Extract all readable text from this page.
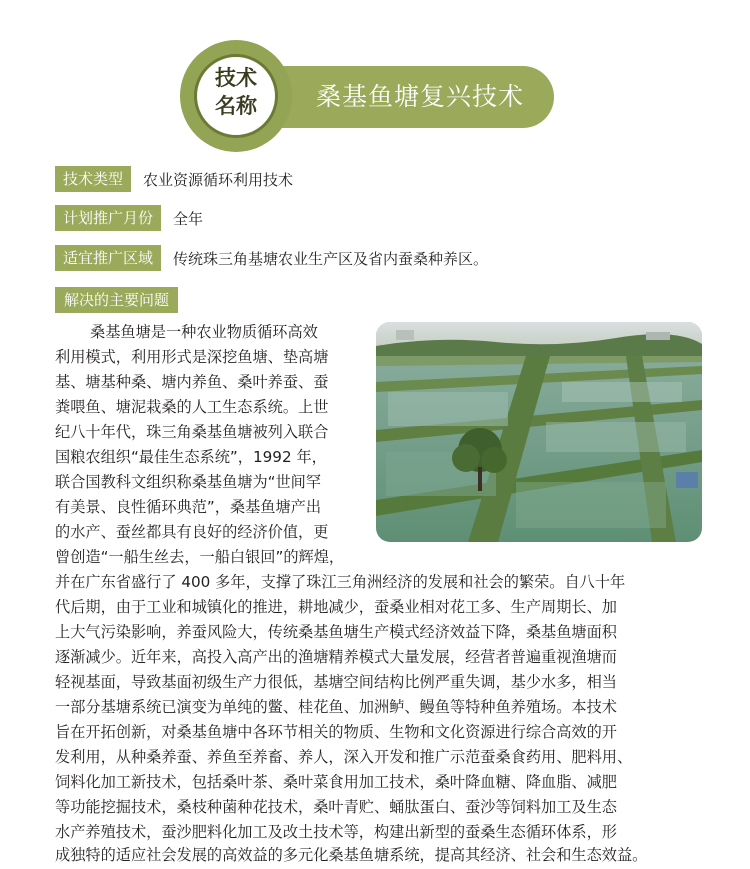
桑基鱼塘复兴技术
技术
名称
技术类型	农业资源循环利用技术
计划推广月份	全年
适宜推广区域	传统珠三角基塘农业生产区及省内蚕桑种养区。
解决的主要问题
桑基鱼塘是一种农业物质循环高效
利用模式，利用形式是深挖鱼塘、垫高塘
基、塘基种桑、塘内养鱼、桑叶养蚕、蚕
粪喂鱼、塘泥栽桑的人工生态系统。上世
纪八十年代，珠三角桑基鱼塘被列入联合
国粮农组织“最佳生态系统”，1992 年，
联合国教科文组织称桑基鱼塘为“世间罕
有美景、良性循环典范”，桑基鱼塘产出
的水产、蚕丝都具有良好的经济价值，更
曾创造“一船生丝去，一船白银回”的辉煌，
并在广东省盛行了 400 多年，支撑了珠江三角洲经济的发展和社会的繁荣。自八十年
代后期，由于工业和城镇化的推进，耕地减少，蚕桑业相对花工多、生产周期长、加
上大气污染影响，养蚕风险大，传统桑基鱼塘生产模式经济效益下降，桑基鱼塘面积
逐渐减少。近年来，高投入高产出的渔塘精养模式大量发展，经营者普遍重视渔塘而
轻视基面，导致基面初级生产力很低，基塘空间结构比例严重失调，基少水多，相当
一部分基塘系统已演变为单纯的鳖、桂花鱼、加洲鲈、鳗鱼等特种鱼养殖场。本技术
旨在开拓创新，对桑基鱼塘中各环节相关的物质、生物和文化资源进行综合高效的开
发利用，从种桑养蚕、养鱼至养畜、养人，深入开发和推广示范蚕桑食药用、肥料用、
饲料化加工新技术，包括桑叶茶、桑叶菜食用加工技术，桑叶降血糖、降血脂、减肥
等功能挖掘技术，桑枝种菌种花技术，桑叶青贮、蛹肽蛋白、蚕沙等饲料加工及生态
水产养殖技术，蚕沙肥料化加工及改土技术等，构建出新型的蚕桑生态循环体系，形
成独特的适应社会发展的高效益的多元化桑基鱼塘系统，提高其经济、社会和生态效益。
